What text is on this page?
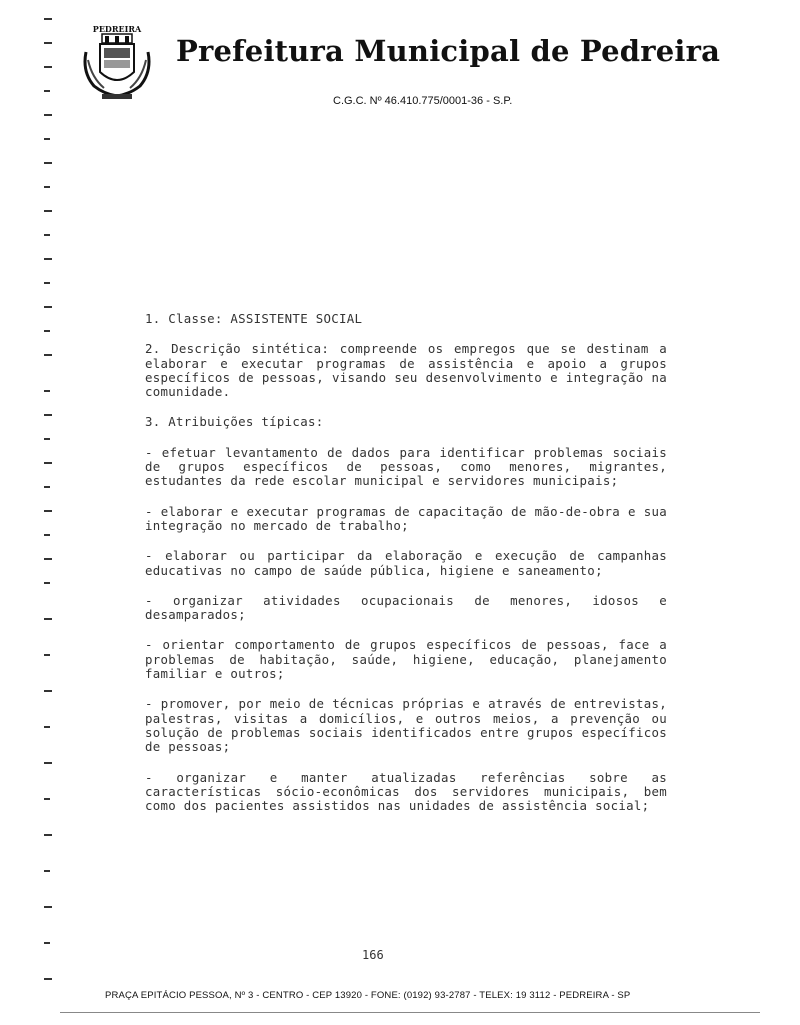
PEDREIRA
Prefeitura Municipal de Pedreira
C.G.C. Nº 46.410.775/0001-36 - S.P.

1. Classe: ASSISTENTE SOCIAL

2. Descrição sintética: compreende os empregos que se destinam a elaborar e executar programas de assistência e apoio a grupos específicos de pessoas, visando seu desenvolvimento e integração na comunidade.

3. Atribuições típicas:

- efetuar levantamento de dados para identificar problemas sociais de grupos específicos de pessoas, como menores, migrantes, estudantes da rede escolar municipal e servidores municipais;

- elaborar e executar programas de capacitação de mão-de-obra e sua integração no mercado de trabalho;

- elaborar ou participar da elaboração e execução de campanhas educativas no campo de saúde pública, higiene e saneamento;

- organizar atividades ocupacionais de menores, idosos e desamparados;

- orientar comportamento de grupos específicos de pessoas, face a problemas de habitação, saúde, higiene, educação, planejamento familiar e outros;

- promover, por meio de técnicas próprias e através de entrevistas, palestras, visitas a domicílios, e outros meios, a prevenção ou solução de problemas sociais identificados entre grupos específicos de pessoas;

- organizar e manter atualizadas referências sobre as características sócio-econômicas dos servidores municipais, bem como dos pacientes assistidos nas unidades de assistência social;

166
PRAÇA EPITÁCIO PESSOA, Nº 3 - CENTRO - CEP 13920 - FONE: (0192) 93-2787 - TELEX: 19 3112 - PEDREIRA - SP
